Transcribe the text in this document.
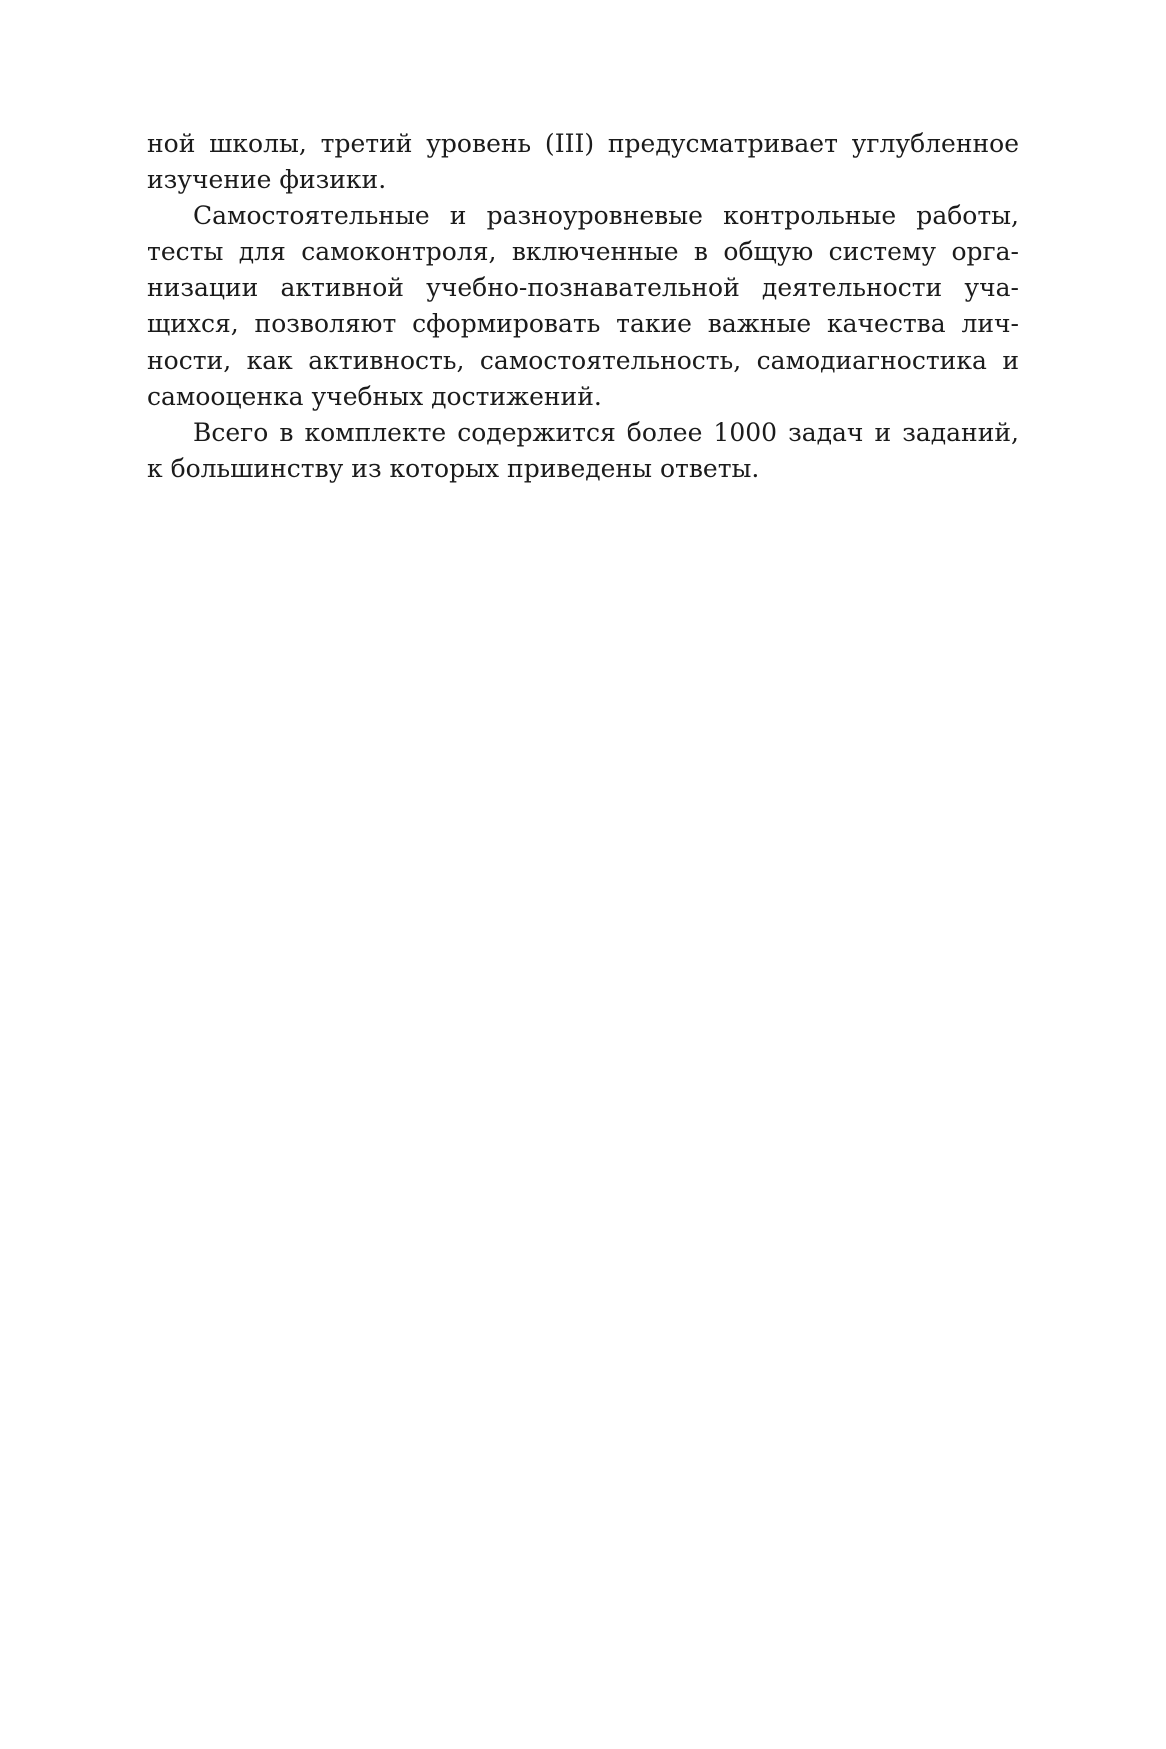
ной школы, третий уровень (III) предусматривает углубленное
изучение физики.
Самостоятельные и разноуровневые контрольные работы,
тесты для самоконтроля, включенные в общую систему орга-
низации активной учебно-познавательной деятельности уча-
щихся, позволяют сформировать такие важные качества лич-
ности, как активность, самостоятельность, самодиагностика и
самооценка учебных достижений.
Всего в комплекте содержится более 1000 задач и заданий,
к большинству из которых приведены ответы.
